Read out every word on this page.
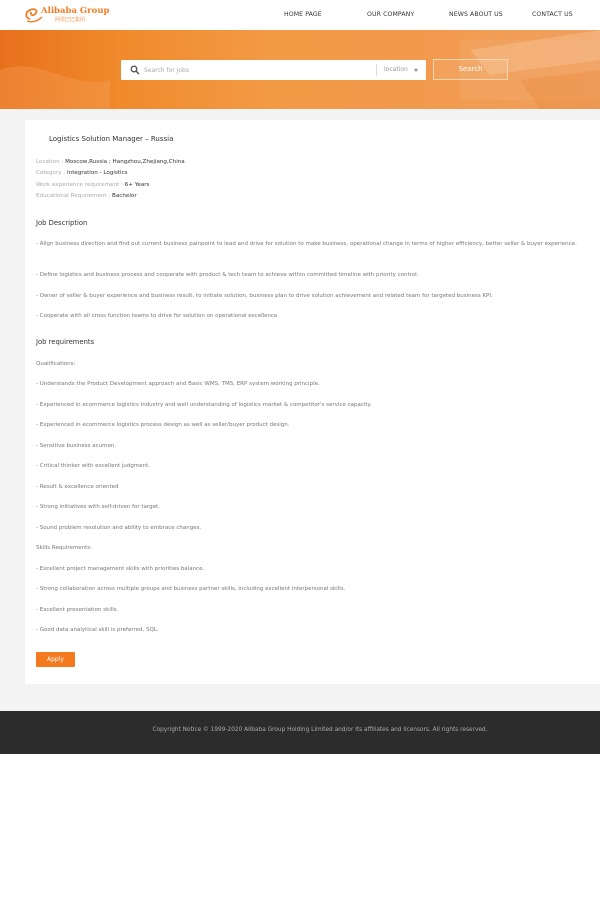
Alibaba Group
阿里巴巴集团
HOME PAGE	OUR COMPANY	NEWS ABOUT US	CONTACT US
Search for jobs
location	Search
Logistics Solution Manager – Russia
Location : Moscow,Russia ; Hangzhou,Zhejiang,China
Category : Integration - Logistics
Work experience requirement : 6+ Years
Educational Requirement : Bachelor
Job Description
- Align business direction and find out current business painpoint to lead and drive for solution to make business, operational change in terms of higher efficiency, better seller & buyer experience.
- Define logistics and business process and cooperate with product & tech team to achieve within committed timeline with priority control.
- Owner of seller & buyer experience and business result, to initiate solution, business plan to drive solution achievement and related team for targeted business KPI.
- Cooperate with all cross function teams to drive for solution on operational excellence.
Job requirements
Qualifications:
- Understands the Product Development approach and Basic WMS, TMS, ERP system working principle.
- Experienced in ecommerce logistics industry and well understanding of logistics market & competitor's service capacity.
- Experienced in ecommerce logistics process design as well as seller/buyer product design.
- Sensitive business acumen.
- Critical thinker with excellent judgment.
- Result & excellence oriented
- Strong initiatives with self-driven for target.
- Sound problem resolution and ability to embrace changes.
Skills Requirements:
- Excellent project management skills with priorities balance.
- Strong collaboration across multiple groups and business partner skills, including excellent interpersonal skills.
- Excellent presentation skills.
- Good data analytical skill is preferred, SQL.
Apply
Copyright Notice © 1999-2020 Alibaba Group Holding Limited and/or its affiliates and licensors. All rights reserved.
